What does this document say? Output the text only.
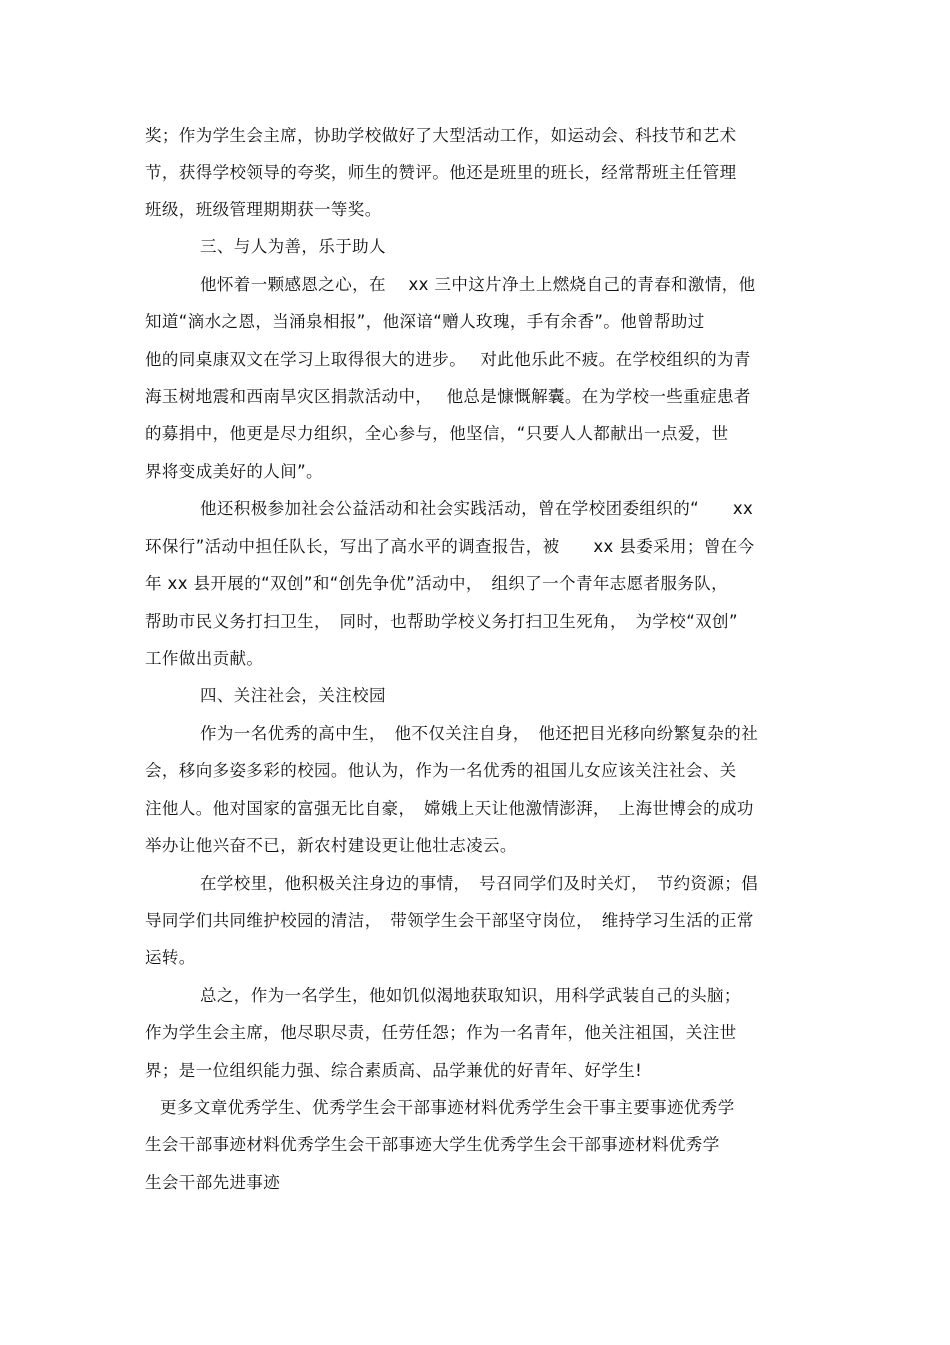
奖；作为学生会主席，协助学校做好了大型活动工作，如运动会、科技节和艺术
节，获得学校领导的夸奖，师生的赞评。他还是班里的班长，经常帮班主任管理
班级，班级管理期期获一等奖。
三、与人为善，乐于助人
他怀着一颗感恩之心，在　 xx 三中这片净土上燃烧自己的青春和激情，他
知道“滴水之恩，当涌泉相报”，他深谙“赠人玫瑰，手有余香”。他曾帮助过
他的同桌康双文在学习上取得很大的进步。　 对此他乐此不疲。在学校组织的为青
海玉树地震和西南旱灾区捐款活动中，　 他总是慷慨解囊。在为学校一些重症患者
的募捐中，他更是尽力组织，全心参与，他坚信，“只要人人都献出一点爱，世
界将变成美好的人间”。
他还积极参加社会公益活动和社会实践活动，曾在学校团委组织的“　　xx
环保行”活动中担任队长，写出了高水平的调查报告，被　　xx 县委采用；曾在今
年 xx 县开展的“双创”和“创先争优”活动中，　组织了一个青年志愿者服务队，
帮助市民义务打扫卫生，　同时，也帮助学校义务打扫卫生死角，　为学校“双创”
工作做出贡献。
四、关注社会，关注校园
作为一名优秀的高中生，　他不仅关注自身，　他还把目光移向纷繁复杂的社
会，移向多姿多彩的校园。他认为，作为一名优秀的祖国儿女应该关注社会、关
注他人。他对国家的富强无比自豪，　嫦娥上天让他激情澎湃，　上海世博会的成功
举办让他兴奋不已，新农村建设更让他壮志凌云。
在学校里，他积极关注身边的事情，　号召同学们及时关灯，　节约资源；倡
导同学们共同维护校园的清洁，　带领学生会干部坚守岗位，　维持学习生活的正常
运转。
总之，作为一名学生，他如饥似渴地获取知识，用科学武装自己的头脑；
作为学生会主席，他尽职尽责，任劳任怨；作为一名青年，他关注祖国，关注世
界；是一位组织能力强、综合素质高、品学兼优的好青年、好学生!
更多文章优秀学生、优秀学生会干部事迹材料优秀学生会干事主要事迹优秀学
生会干部事迹材料优秀学生会干部事迹大学生优秀学生会干部事迹材料优秀学
生会干部先进事迹
